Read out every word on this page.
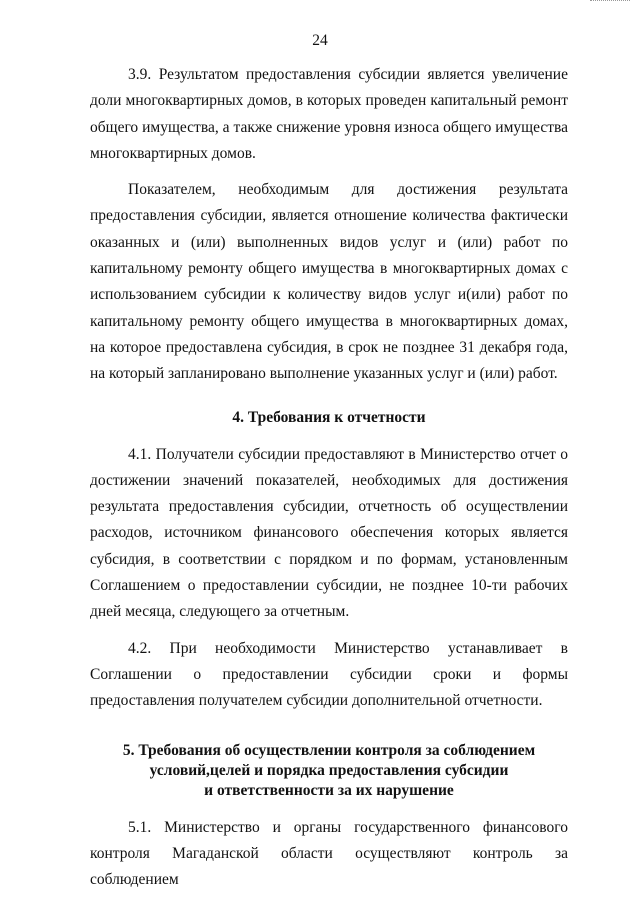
24

3.9. Результатом предоставления субсидии является увеличение доли многоквартирных домов, в которых проведен капитальный ремонт общего имущества, а также снижение уровня износа общего имущества многоквартирных домов.

Показателем, необходимым для достижения результата предоставления субсидии, является отношение количества фактически оказанных и (или) выполненных видов услуг и (или) работ по капитальному ремонту общего имущества в многоквартирных домах с использованием субсидии к количеству видов услуг и(или) работ по капитальному ремонту общего имущества в многоквартирных домах, на которое предоставлена субсидия, в срок не позднее 31 декабря года, на который запланировано выполнение указанных услуг и (или) работ.

4. Требования к отчетности

4.1. Получатели субсидии предоставляют в Министерство отчет о достижении значений показателей, необходимых для достижения результата предоставления субсидии, отчетность об осуществлении расходов, источником финансового обеспечения которых является субсидия, в соответствии с порядком и по формам, установленным Соглашением о предоставлении субсидии, не позднее 10-ти рабочих дней месяца, следующего за отчетным.

4.2. При необходимости Министерство устанавливает в Соглашении о предоставлении субсидии сроки и формы предоставления получателем субсидии дополнительной отчетности.

5. Требования об осуществлении контроля за соблюдением
условий,целей и порядка предоставления субсидии
и ответственности за их нарушение

5.1. Министерство и органы государственного финансового контроля Магаданской области осуществляют контроль за соблюдением
